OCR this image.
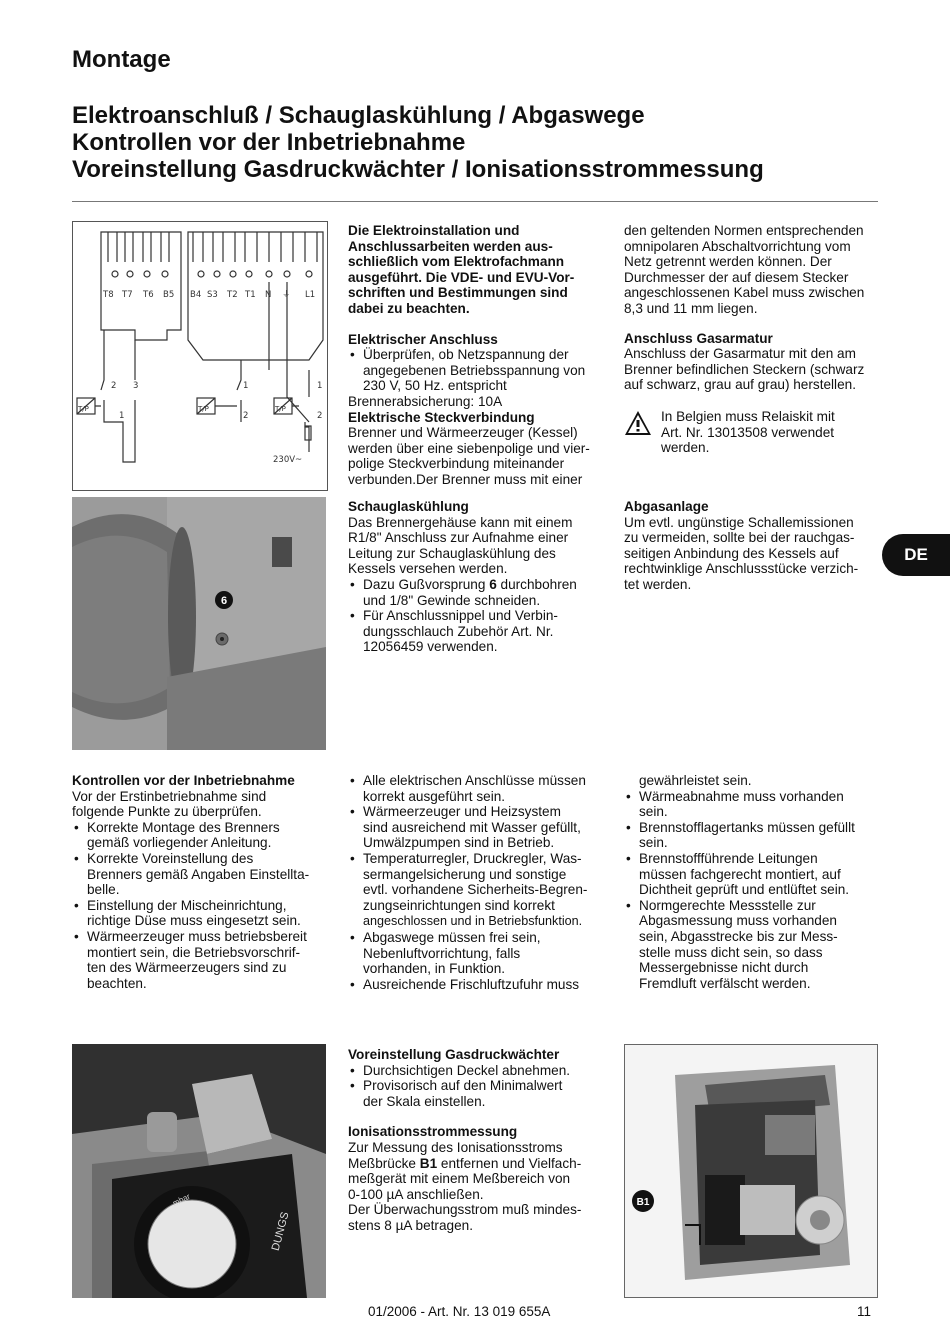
Montage
Elektroanschluß / Schauglaskühlung / Abgaswege
Kontrollen vor der Inbetriebnahme
Voreinstellung Gasdruckwächter / Ionisationsstrommessung
T8 T7 T6 B5 B4 S3 T2 T1 N ⏚ L1
2 3
1
1
2
1
2
T/P	T/P	T/P
230V~
6

Die Elektroinstallation und

Anschlussarbeiten werden aus-

schließlich vom Elektrofachmann

ausgeführt. Die VDE- und EVU-Vor-

schriften und Bestimmungen sind

dabei zu beachten.

Elektrischer Anschluss

• Überprüfen, ob Netzspannung der
angegebenen Betriebsspannung von
230 V, 50 Hz. entspricht

Brennerabsicherung: 10A

Elektrische Steckverbindung

Brenner und Wärmeerzeuger (Kessel)

werden über eine siebenpolige und vier-

polige Steckverbindung miteinander

verbunden.Der Brenner muss mit einer

Schauglaskühlung

Das Brennergehäuse kann mit einem

R1/8" Anschluss zur Aufnahme einer

Leitung zur Schauglaskühlung des

Kessels versehen werden.

• Dazu Gußvorsprung 6 durchbohren
und 1/8" Gewinde schneiden.
• Für Anschlussnippel und Verbin-
dungsschlauch Zubehör Art. Nr.
12056459 verwenden.

den geltenden Normen entsprechenden

omnipolaren Abschaltvorrichtung vom

Netz getrennt werden können. Der

Durchmesser der auf diesem Stecker

angeschlossenen Kabel muss zwischen

8,3 und 11 mm liegen.

Anschluss Gasarmatur

Anschluss der Gasarmatur mit den am

Brenner befindlichen Steckern (schwarz

auf schwarz, grau auf grau) herstellen.

In Belgien muss Relaiskit mit
Art. Nr. 13013508 verwendet
werden.

Abgasanlage

Um evtl. ungünstige Schallemissionen

zu vermeiden, sollte bei der rauchgas-

seitigen Anbindung des Kessels auf

rechtwinklige Anschlussstücke verzich-

tet werden.

DE

Kontrollen vor der Inbetriebnahme

Vor der Erstinbetriebnahme sind

folgende Punkte zu überprüfen.

• Korrekte Montage des Brenners
gemäß vorliegender Anleitung.
• Korrekte Voreinstellung des
Brenners gemäß Angaben Einstellta-
belle.
• Einstellung der Mischeinrichtung,
richtige Düse muss eingesetzt sein.
• Wärmeerzeuger muss betriebsbereit
montiert sein, die Betriebsvorschrif-
ten des Wärmeerzeugers sind zu
beachten.
• Alle elektrischen Anschlüsse müssen
korrekt ausgeführt sein.
• Wärmeerzeuger und Heizsystem
sind ausreichend mit Wasser gefüllt,
Umwälzpumpen sind in Betrieb.
• Temperaturregler, Druckregler, Was-
sermangelsicherung und sonstige
evtl. vorhandene Sicherheits-Begren-
zungseinrichtungen sind korrekt
angeschlossen und in Betriebsfunktion.
• Abgaswege müssen frei sein,
Nebenluftvorrichtung, falls
vorhanden, in Funktion.
• Ausreichende Frischluftzufuhr muss

gewährleistet sein.

• Wärmeabnahme muss vorhanden
sein.
• Brennstofflagertanks müssen gefüllt
sein.
• Brennstoffführende Leitungen
müssen fachgerecht montiert, auf
Dichtheit geprüft und entlüftet sein.
• Normgerechte Messstelle zur
Abgasmessung muss vorhanden
sein, Abgasstrecke bis zur Mess-
stelle muss dicht sein, so dass
Messergebnisse nicht durch
Fremdluft verfälscht werden.
DUNGS
mbar

Voreinstellung Gasdruckwächter

• Durchsichtigen Deckel abnehmen.
• Provisorisch auf den Minimalwert
der Skala einstellen.

Ionisationsstrommessung

Zur Messung des Ionisationsstroms

Meßbrücke B1 entfernen und Vielfach-

meßgerät mit einem Meßbereich von

0-100 µA anschließen.

Der Überwachungsstrom muß mindes-

stens 8 µA betragen.

B1
01/2006 - Art. Nr. 13 019 655A	11
